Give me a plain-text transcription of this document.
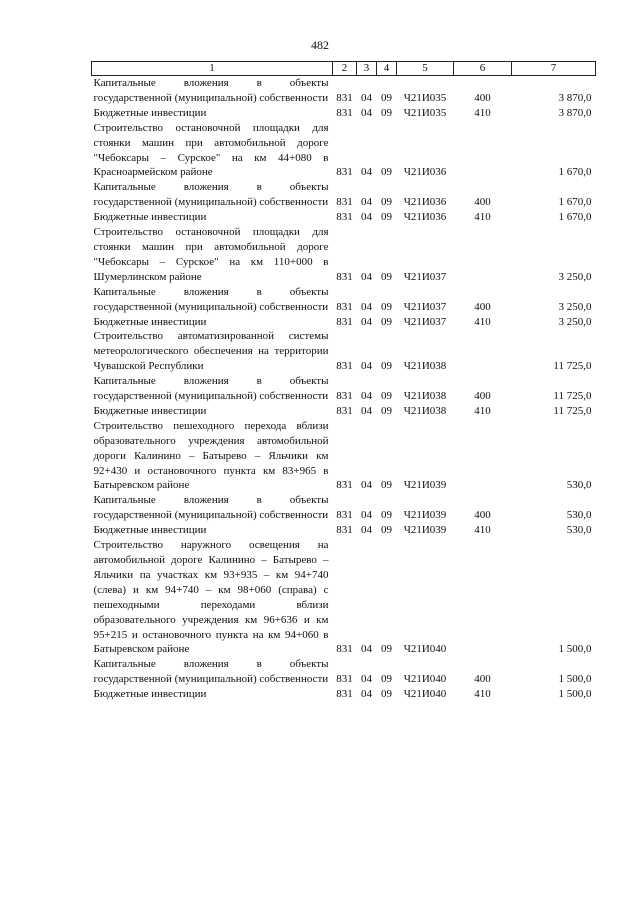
482
1	2	3	4	5	6	7
Капитальные вложения в объекты государственной (муниципальной) собственности	831	04	09	Ч21И035	400	3 870,0
Бюджетные инвестиции	831	04	09	Ч21И035	410	3 870,0
Строительство остановочной площадки для стоянки машин при автомобильной дороге "Чебоксары – Сурское" на км 44+080 в Красноармейском районе	831	04	09	Ч21И036		1 670,0
Капитальные вложения в объекты государственной (муниципальной) собственности	831	04	09	Ч21И036	400	1 670,0
Бюджетные инвестиции	831	04	09	Ч21И036	410	1 670,0
Строительство остановочной площадки для стоянки машин при автомобильной дороге "Чебоксары – Сурское" на км 110+000 в Шумерлинском районе	831	04	09	Ч21И037		3 250,0
Капитальные вложения в объекты государственной (муниципальной) собственности	831	04	09	Ч21И037	400	3 250,0
Бюджетные инвестиции	831	04	09	Ч21И037	410	3 250,0
Строительство автоматизированной системы метеорологического обеспечения на территории Чувашской Республики	831	04	09	Ч21И038		11 725,0
Капитальные вложения в объекты государственной (муниципальной) собственности	831	04	09	Ч21И038	400	11 725,0
Бюджетные инвестиции	831	04	09	Ч21И038	410	11 725,0
Строительство пешеходного перехода вблизи образовательного учреждения автомобильной дороги Калинино – Батырево – Яльчики км 92+430 и остановочного пункта км 83+965 в Батыревском районе	831	04	09	Ч21И039		530,0
Капитальные вложения в объекты государственной (муниципальной) собственности	831	04	09	Ч21И039	400	530,0
Бюджетные инвестиции	831	04	09	Ч21И039	410	530,0
Строительство наружного освещения на автомобильной дороге Калинино – Батырево – Яльчики па участках км 93+935 – км 94+740 (слева) и км 94+740 – км 98+060 (справа) с пешеходными переходами вблизи образовательного учреждения км 96+636 и км 95+215 и остановочного пункта на км 94+060 в Батыревском районе	831	04	09	Ч21И040		1 500,0
Капитальные вложения в объекты государственной (муниципальной) собственности	831	04	09	Ч21И040	400	1 500,0
Бюджетные инвестиции	831	04	09	Ч21И040	410	1 500,0
